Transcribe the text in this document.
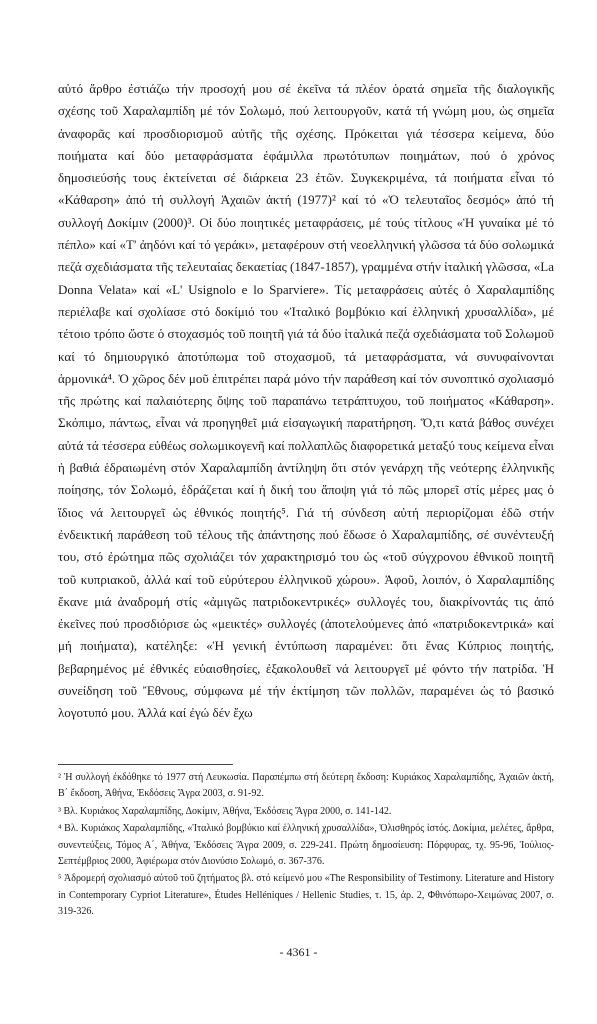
αὐτό ἄρθρο ἐστιάζω τήν προσοχή μου σέ ἐκεῖνα τά πλέον ὁρατά σημεῖα τῆς διαλογικῆς σχέσης τοῦ Χαραλαμπίδη μέ τόν Σολωμό, πού λειτουργοῦν, κατά τή γνώμη μου, ὡς σημεῖα ἀναφορᾶς καί προσδιορισμοῦ αὐτῆς τῆς σχέσης. Πρόκειται γιά τέσσερα κείμενα, δύο ποιήματα καί δύο μεταφράσματα ἐφάμιλλα πρωτότυπων ποιημάτων, πού ὁ χρόνος δημοσιεύσής τους ἐκτείνεται σέ διάρκεια 23 ἐτῶν. Συγκεκριμένα, τά ποιήματα εἶναι τό «Κάθαρση» ἀπό τή συλλογή Ἀχαιῶν ἀκτή (1977)² καί τό «Ὁ τελευταῖος δεσμός» ἀπό τή συλλογή Δοκίμιν (2000)³. Οἱ δύο ποιητικές μεταφράσεις, μέ τούς τίτλους «Ἡ γυναίκα μέ τό πέπλο» καί «Τ' ἀηδόνι καί τό γεράκι», μεταφέρουν στή νεοελληνική γλῶσσα τά δύο σολωμικά πεζά σχεδιάσματα τῆς τελευταίας δεκαετίας (1847-1857), γραμμένα στήν ἰταλική γλῶσσα, «La Donna Velata» καί «L' Usignolo e lo Sparviere». Τίς μεταφράσεις αὐτές ὁ Χαραλαμπίδης περιέλαβε καί σχολίασε στό δοκίμιό του «Ἰταλικό βομβύκιο καί ἑλληνική χρυσαλλίδα», μέ τέτοιο τρόπο ὥστε ὁ στοχασμός τοῦ ποιητῆ γιά τά δύο ἰταλικά πεζά σχεδιάσματα τοῦ Σολωμοῦ καί τό δημιουργικό ἀποτύπωμα τοῦ στοχασμοῦ, τά μεταφράσματα, νά συνυφαίνονται ἁρμονικά⁴. Ὁ χῶρος δέν μοῦ ἐπιτρέπει παρά μόνο τήν παράθεση καί τόν συνοπτικό σχολιασμό τῆς πρώτης καί παλαιότερης ὄψης τοῦ παραπάνω τετράπτυχου, τοῦ ποιήματος «Κάθαρση». Σκόπιμο, πάντως, εἶναι νά προηγηθεῖ μιά εἰσαγωγική παρατήρηση. Ὅ,τι κατά βάθος συνέχει αὐτά τά τέσσερα εὐθέως σολωμικογενῆ καί πολλαπλῶς διαφορετικά μεταξύ τους κείμενα εἶναι ἡ βαθιά ἑδραιωμένη στόν Χαραλαμπίδη ἀντίληψη ὅτι στόν γενάρχη τῆς νεότερης ἑλληνικῆς ποίησης, τόν Σολωμό, ἑδράζεται καί ἡ δική του ἄποψη γιά τό πῶς μπορεῖ στίς μέρες μας ὁ ἴδιος νά λειτουργεῖ ὡς ἐθνικός ποιητής⁵. Γιά τή σύνδεση αὐτή περιορίζομαι ἐδῶ στήν ἐνδεικτική παράθεση τοῦ τέλους τῆς ἀπάντησης πού ἔδωσε ὁ Χαραλαμπίδης, σέ συνέντευξή του, στό ἐρώτημα πῶς σχολιάζει τόν χαρακτηρισμό του ὡς «τοῦ σύγχρονου ἐθνικοῦ ποιητῆ τοῦ κυπριακοῦ, ἀλλά καί τοῦ εὐρύτερου ἑλληνικοῦ χώρου». Ἀφοῦ, λοιπόν, ὁ Χαραλαμπίδης ἔκανε μιά ἀναδρομή στίς «ἀμιγῶς πατριδοκεντρικές» συλλογές του, διακρίνοντάς τις ἀπό ἐκεῖνες πού προσδιόρισε ὡς «μεικτές» συλλογές (ἀποτελούμενες ἀπό «πατριδοκεντρικά» καί μή ποιήματα), κατέληξε: «Ἡ γενική ἐντύπωση παραμένει: ὅτι ἕνας Κύπριος ποιητής, βεβαρημένος μέ ἐθνικές εὐαισθησίες, ἐξακολουθεῖ νά λειτουργεῖ μέ φόντο τήν πατρίδα. Ἡ συνείδηση τοῦ Ἔθνους, σύμφωνα μέ τήν ἐκτίμηση τῶν πολλῶν, παραμένει ὡς τό βασικό λογοτυπό μου. Ἀλλά καί ἐγώ δέν ἔχω

² Ἡ συλλογή ἐκδόθηκε τό 1977 στή Λευκωσία. Παραπέμπω στή δεύτερη ἔκδοση: Κυριάκος Χαραλαμπίδης, Ἀχαιῶν ἀκτή, Β΄ ἔκδοση, Ἀθήνα, Ἐκδόσεις Ἄγρα 2003, σ. 91-92.

³ Βλ. Κυριάκος Χαραλαμπίδης, Δοκίμιν, Ἀθήνα, Ἐκδόσεις Ἄγρα 2000, σ. 141-142.

⁴ Βλ. Κυριάκος Χαραλαμπίδης, «Ἰταλικό βομβύκιο καί ἑλληνική χρυσαλλίδα», Ὀλισθηρός ἰστός. Δοκίμια, μελέτες, ἄρθρα, συνεντεύξεις, Τόμος Α΄, Ἀθήνα, Ἐκδόσεις Ἄγρα 2009, σ. 229-241. Πρώτη δημοσίευση: Πόρφυρας, τχ. 95-96, Ἰούλιος-Σεπτέμβριος 2000, Ἀφιέρωμα στόν Διονύσιο Σολωμό, σ. 367-376.

⁵ Ἀδρομερή σχολιασμό αὐτοῦ τοῦ ζητήματος βλ. στό κείμενό μου «The Responsibility of Testimony. Literature and History in Contemporary Cypriot Literature», Études Helléniques / Hellenic Studies, τ. 15, ἀρ. 2, Φθινόπωρο-Χειμώνας 2007, σ. 319-326.

- 4361 -
